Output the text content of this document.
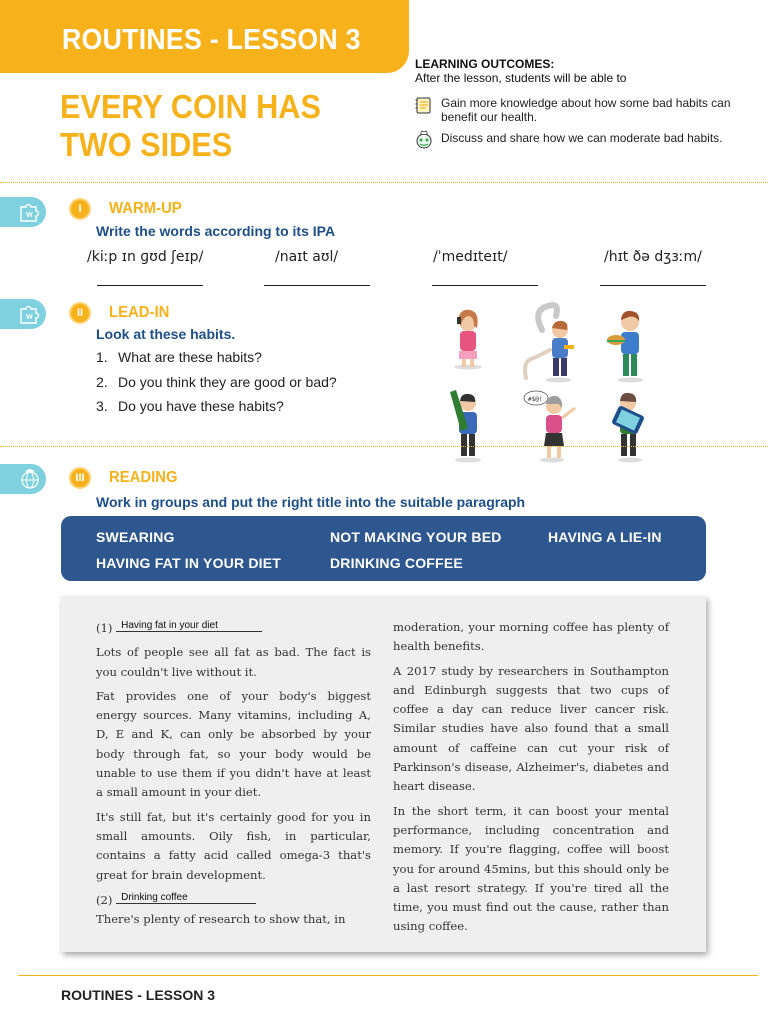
ROUTINES - LESSON 3
EVERY COIN HAS
TWO SIDES
LEARNING OUTCOMES:
After the lesson, students will be able to
Gain more knowledge about how some bad habits can benefit our health.
Discuss and share how we can moderate bad habits.
W
I	WARM-UP
Write the words according to its IPA
/kiːp ɪn ɡʊd ʃeɪp/	/naɪt aʊl/	/ˈmedɪteɪt/	/hɪt ðə dʒɜːm/
W	II	LEAD-IN
Look at these habits.
1. What are these habits?
2. Do you think they are good or bad?
3. Do you have these habits?	#$@!
III	READING
Work in groups and put the right title into the suitable paragraph
SWEARING	NOT MAKING YOUR BED	HAVING A LIE-IN
HAVING FAT IN YOUR DIET	DRINKING COFFEE

(1) Having fat in your diet

Lots of people see all fat as bad. The fact is you couldn't live without it.

Fat provides one of your body's biggest energy sources. Many vitamins, including A, D, E and K, can only be absorbed by your body through fat, so your body would be unable to use them if you didn't have at least a small amount in your diet.

It's still fat, but it's certainly good for you in small amounts. Oily fish, in particular, contains a fatty acid called omega-3 that's great for brain development.

(2) Drinking coffee

There's plenty of research to show that, in

moderation, your morning coffee has plenty of health benefits.

A 2017 study by researchers in Southampton and Edinburgh suggests that two cups of coffee a day can reduce liver cancer risk. Similar studies have also found that a small amount of caffeine can cut your risk of Parkinson's disease, Alzheimer's, diabetes and heart disease.

In the short term, it can boost your mental performance, including concentration and memory. If you're flagging, coffee will boost you for around 45mins, but this should only be a last resort strategy. If you're tired all the time, you must find out the cause, rather than using coffee.

ROUTINES - LESSON 3
